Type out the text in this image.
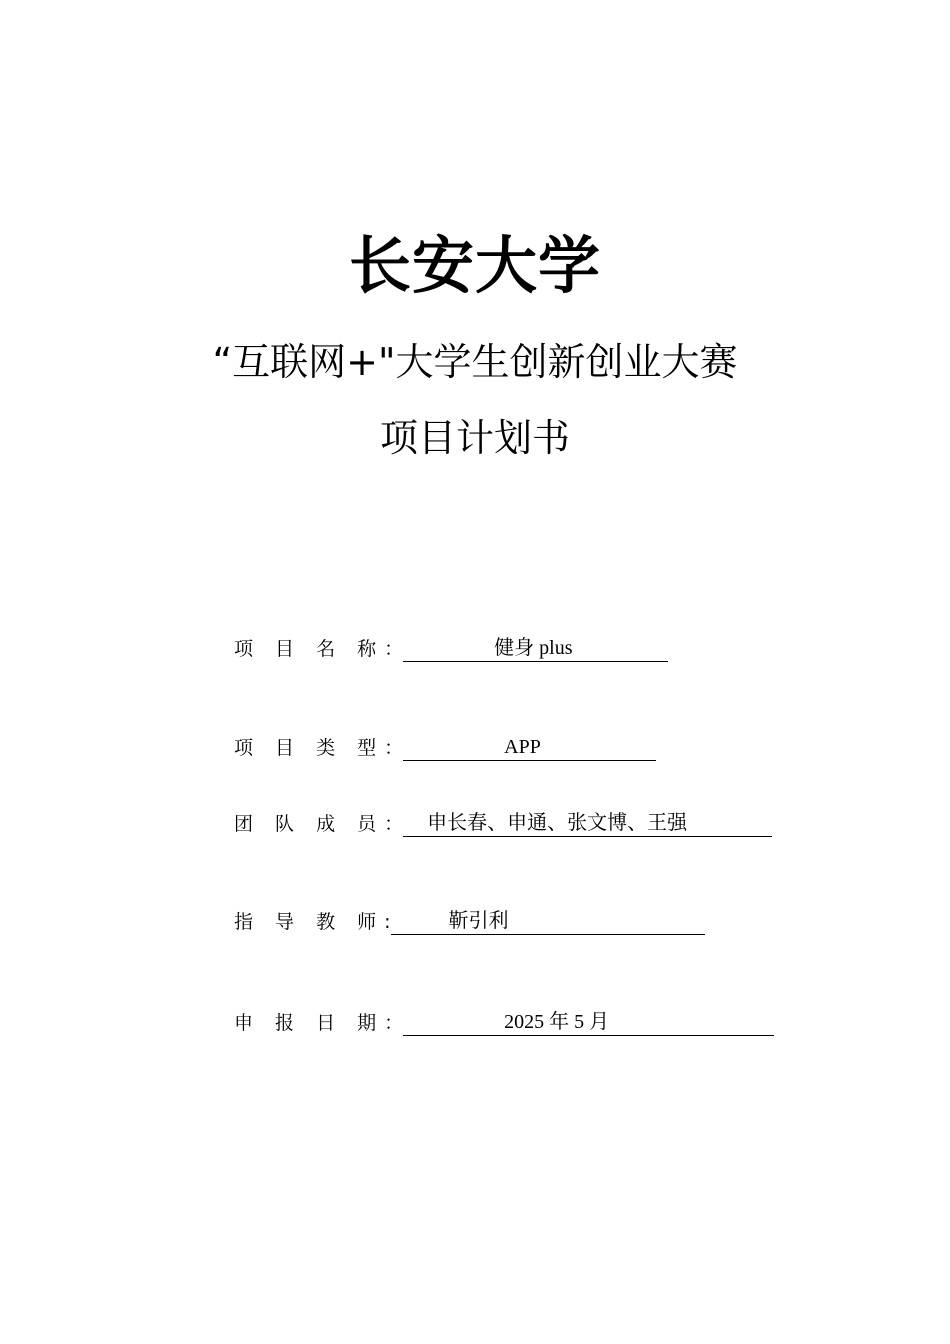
长安大学
“互联网+"大学生创新创业大赛
项目计划书
项 目 名 称：	健身 plus
项 目 类 型：	APP
团 队 成 员：	申长春、申通、张文博、王强
指 导 教 师:	靳引利
申 报 日 期：	2025 年 5 月
